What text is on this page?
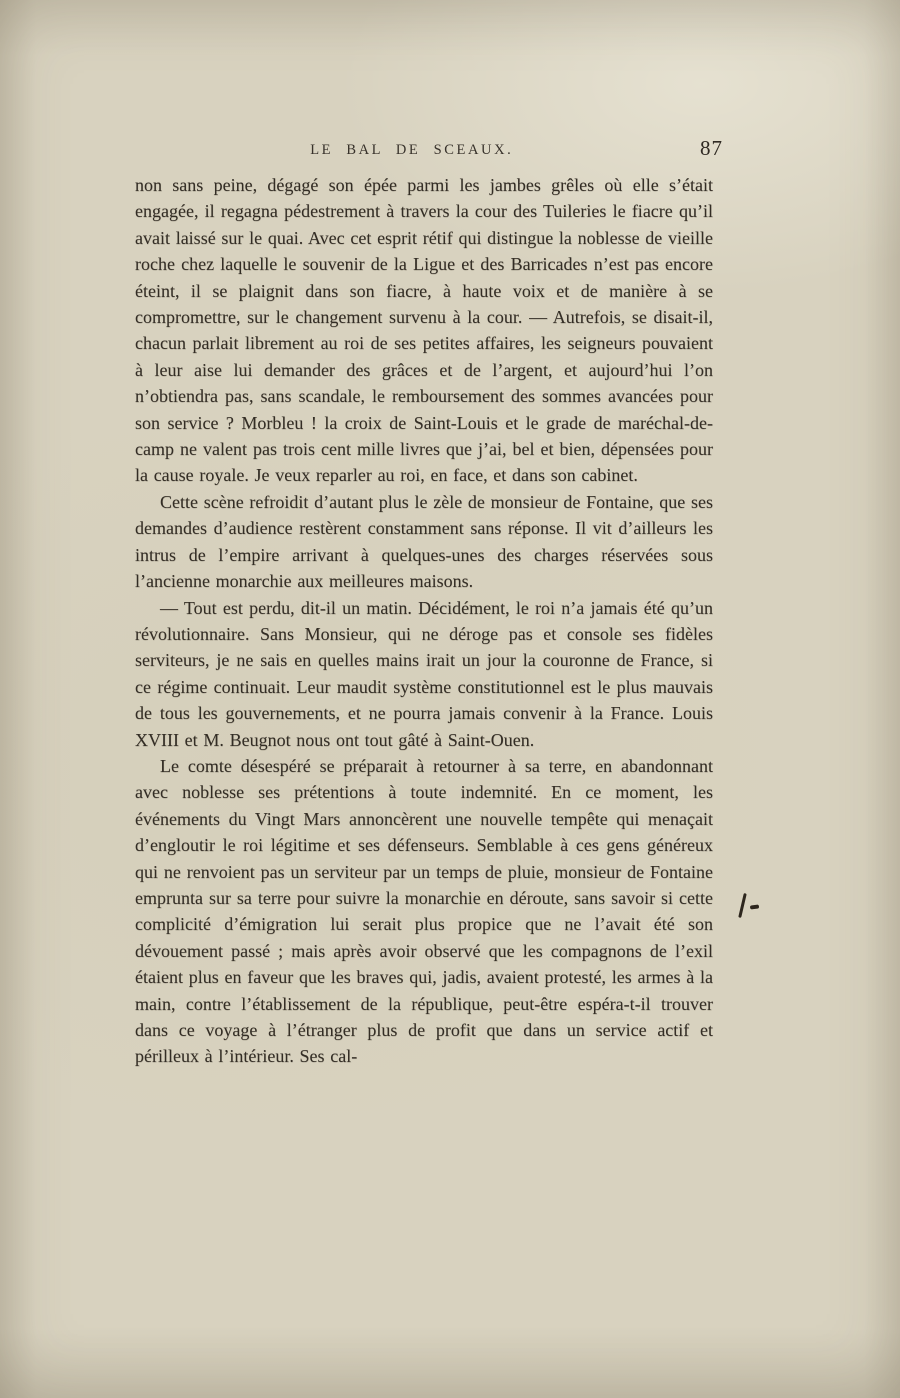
LE BAL DE SCEAUX.	87

non sans peine, dégagé son épée parmi les jambes grêles où elle s’était engagée, il regagna pédestrement à travers la cour des Tuileries le fiacre qu’il avait laissé sur le quai. Avec cet esprit rétif qui distingue la noblesse de vieille roche chez laquelle le souvenir de la Ligue et des Barricades n’est pas encore éteint, il se plaignit dans son fiacre, à haute voix et de manière à se compromettre, sur le changement survenu à la cour. — Autrefois, se disait-il, chacun parlait librement au roi de ses petites affaires, les seigneurs pouvaient à leur aise lui demander des grâces et de l’argent, et aujourd’hui l’on n’obtiendra pas, sans scandale, le remboursement des sommes avancées pour son service ? Morbleu ! la croix de Saint-Louis et le grade de maréchal-de-camp ne valent pas trois cent mille livres que j’ai, bel et bien, dépensées pour la cause royale. Je veux reparler au roi, en face, et dans son cabinet.

Cette scène refroidit d’autant plus le zèle de monsieur de Fontaine, que ses demandes d’audience restèrent constamment sans réponse. Il vit d’ailleurs les intrus de l’empire arrivant à quelques-unes des charges réservées sous l’ancienne monarchie aux meilleures maisons.

— Tout est perdu, dit-il un matin. Décidément, le roi n’a jamais été qu’un révolutionnaire. Sans Monsieur, qui ne déroge pas et console ses fidèles serviteurs, je ne sais en quelles mains irait un jour la couronne de France, si ce régime continuait. Leur maudit système constitutionnel est le plus mauvais de tous les gouvernements, et ne pourra jamais convenir à la France. Louis XVIII et M. Beugnot nous ont tout gâté à Saint-Ouen.

Le comte désespéré se préparait à retourner à sa terre, en abandonnant avec noblesse ses prétentions à toute indemnité. En ce moment, les événements du Vingt Mars annoncèrent une nouvelle tempête qui menaçait d’engloutir le roi légitime et ses défenseurs. Semblable à ces gens généreux qui ne renvoient pas un serviteur par un temps de pluie, monsieur de Fontaine emprunta sur sa terre pour suivre la monarchie en déroute, sans savoir si cette complicité d’émigration lui serait plus propice que ne l’avait été son dévouement passé ; mais après avoir observé que les compagnons de l’exil étaient plus en faveur que les braves qui, jadis, avaient protesté, les armes à la main, contre l’établissement de la république, peut-être espéra-t-il trouver dans ce voyage à l’étranger plus de profit que dans un service actif et périlleux à l’intérieur. Ses cal-
